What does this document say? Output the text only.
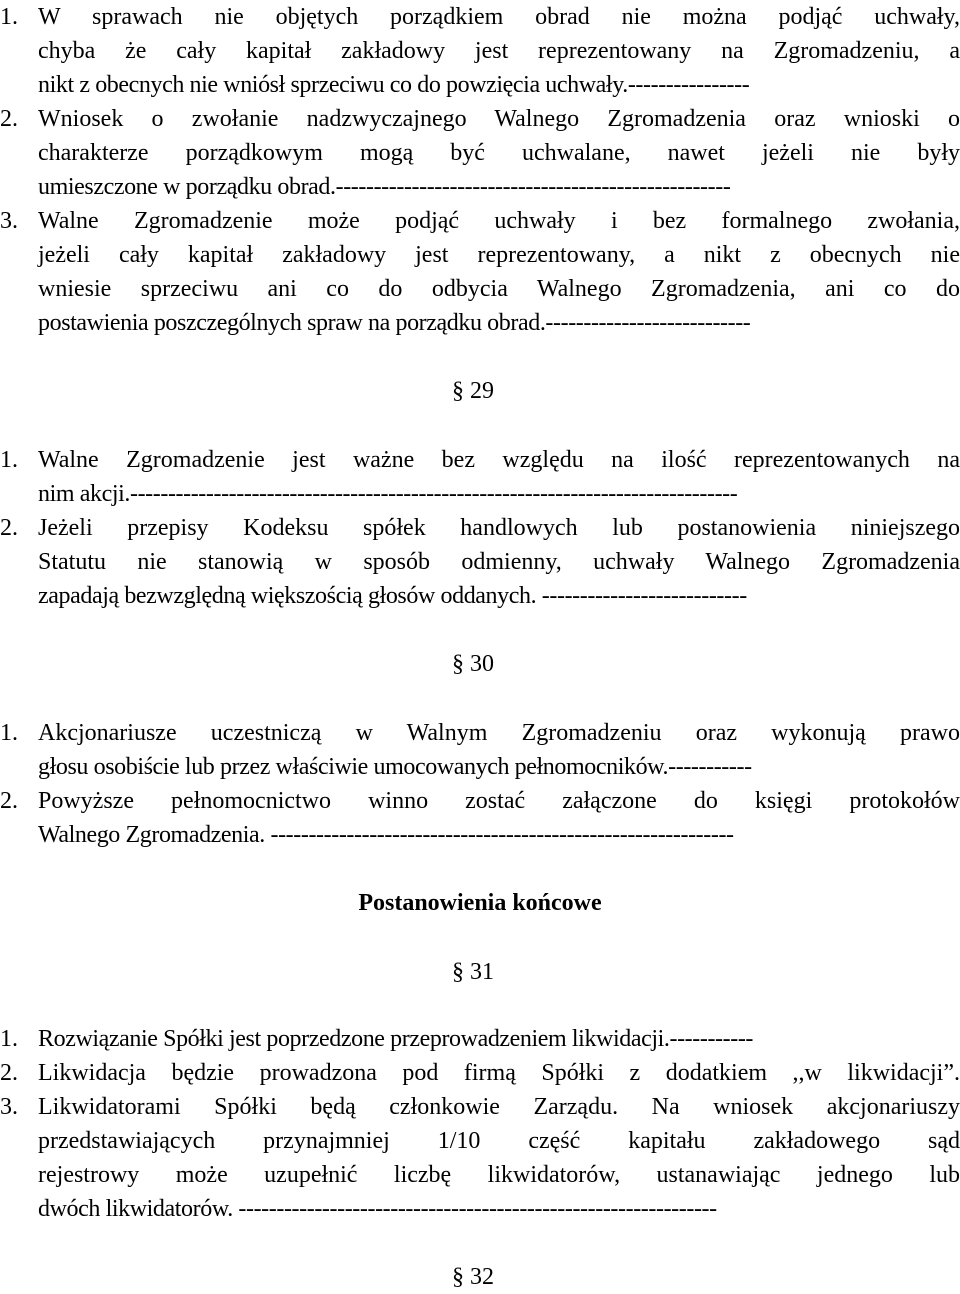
1. W sprawach nie objętych porządkiem obrad nie można podjąć uchwały,
chyba że cały kapitał zakładowy jest reprezentowany na Zgromadzeniu, a
nikt z obecnych nie wniósł sprzeciwu co do powzięcia uchwały.----------------
2. Wniosek o zwołanie nadzwyczajnego Walnego Zgromadzenia oraz wnioski o
charakterze porządkowym mogą być uchwalane, nawet jeżeli nie były
umieszczone w porządku obrad.----------------------------------------------------
3. Walne Zgromadzenie może podjąć uchwały i bez formalnego zwołania,
jeżeli cały kapitał zakładowy jest reprezentowany, a nikt z obecnych nie
wniesie sprzeciwu ani co do odbycia Walnego Zgromadzenia, ani co do
postawienia poszczególnych spraw na porządku obrad.---------------------------
§ 29
1. Walne Zgromadzenie jest ważne bez względu na ilość reprezentowanych na
nim akcji.--------------------------------------------------------------------------------
2. Jeżeli przepisy Kodeksu spółek handlowych lub postanowienia niniejszego
Statutu nie stanowią w sposób odmienny, uchwały Walnego Zgromadzenia
zapadają bezwzględną większością głosów oddanych. ---------------------------
§ 30
1. Akcjonariusze uczestniczą w Walnym Zgromadzeniu oraz wykonują prawo
głosu osobiście lub przez właściwie umocowanych pełnomocników.-----------
2. Powyższe pełnomocnictwo winno zostać załączone do księgi protokołów
Walnego Zgromadzenia. -------------------------------------------------------------
Postanowienia końcowe
§ 31
1. Rozwiązanie Spółki jest poprzedzone przeprowadzeniem likwidacji.-----------
2. Likwidacja będzie prowadzona pod firmą Spółki z dodatkiem ,,w likwidacji”.
3. Likwidatorami Spółki będą członkowie Zarządu. Na wniosek akcjonariuszy
przedstawiających przynajmniej 1/10 część kapitału zakładowego sąd
rejestrowy może uzupełnić liczbę likwidatorów, ustanawiając jednego lub
dwóch likwidatorów. ---------------------------------------------------------------
§ 32
